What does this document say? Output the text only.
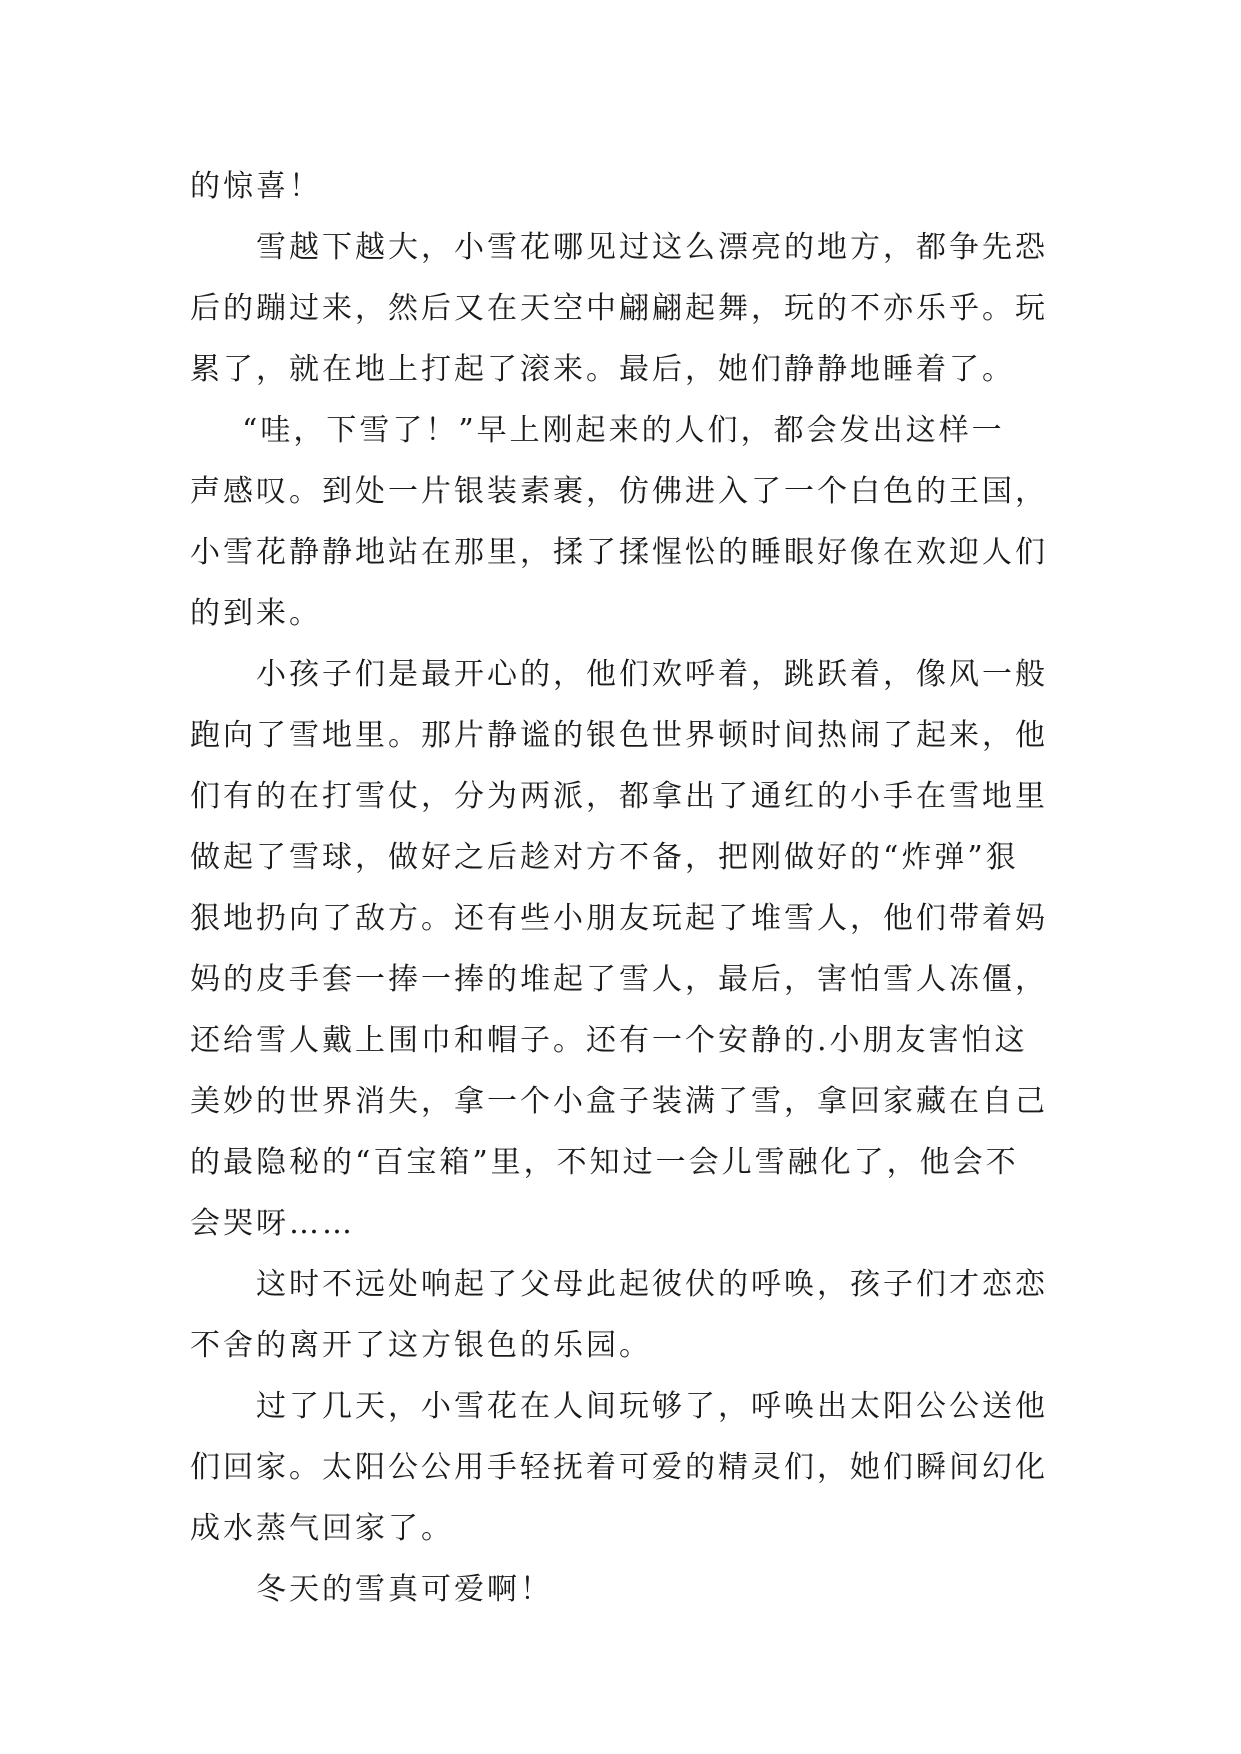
的惊喜！

雪越下越大，小雪花哪见过这么漂亮的地方，都争先恐
后的蹦过来，然后又在天空中翩翩起舞，玩的不亦乐乎。玩
累了，就在地上打起了滚来。最后，她们静静地睡着了。

“哇，下雪了！”早上刚起来的人们，都会发出这样一
声感叹。到处一片银装素裹，仿佛进入了一个白色的王国，
小雪花静静地站在那里，揉了揉惺忪的睡眼好像在欢迎人们
的到来。

小孩子们是最开心的，他们欢呼着，跳跃着，像风一般
跑向了雪地里。那片静谧的银色世界顿时间热闹了起来，他
们有的在打雪仗，分为两派，都拿出了通红的小手在雪地里
做起了雪球，做好之后趁对方不备，把刚做好的“炸弹”狠
狠地扔向了敌方。还有些小朋友玩起了堆雪人，他们带着妈
妈的皮手套一捧一捧的堆起了雪人，最后，害怕雪人冻僵，
还给雪人戴上围巾和帽子。还有一个安静的.小朋友害怕这
美妙的世界消失，拿一个小盒子装满了雪，拿回家藏在自己
的最隐秘的“百宝箱”里，不知过一会儿雪融化了，他会不
会哭呀……

这时不远处响起了父母此起彼伏的呼唤，孩子们才恋恋
不舍的离开了这方银色的乐园。

过了几天，小雪花在人间玩够了，呼唤出太阳公公送他
们回家。太阳公公用手轻抚着可爱的精灵们，她们瞬间幻化
成水蒸气回家了。

冬天的雪真可爱啊！
